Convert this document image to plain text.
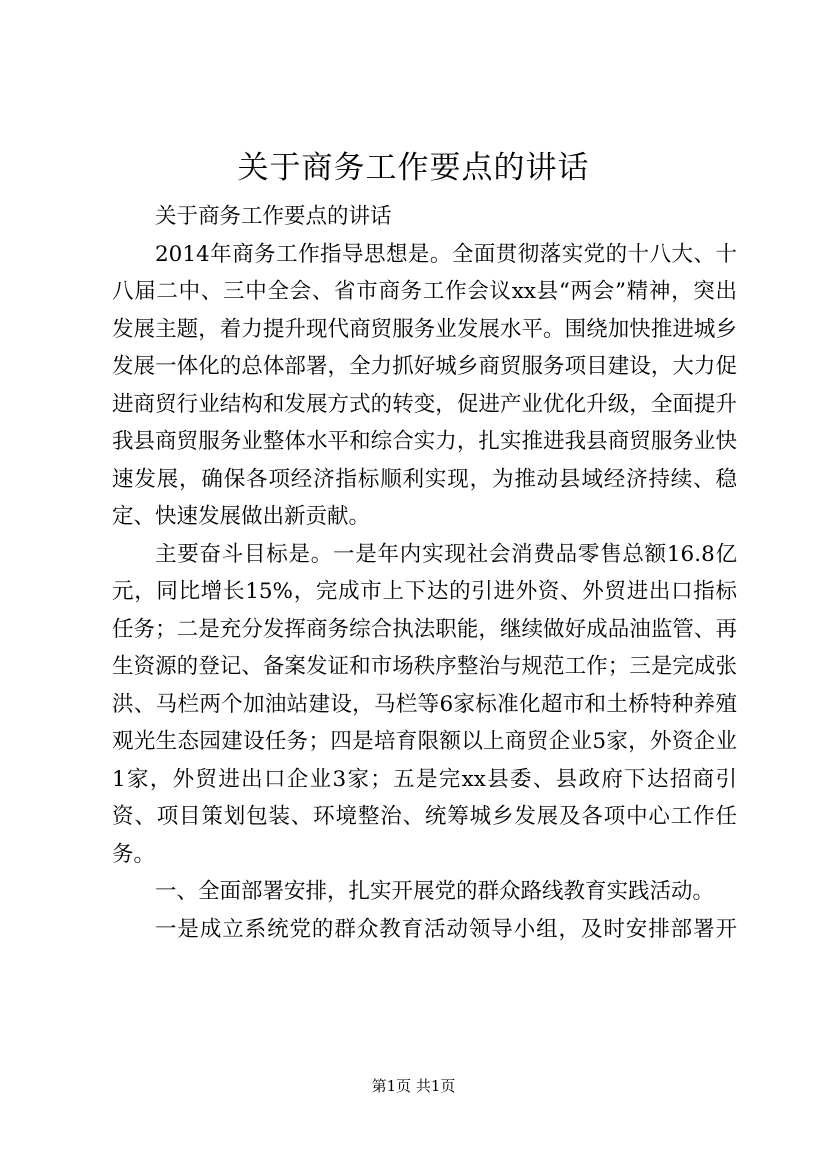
关于商务工作要点的讲话

关于商务工作要点的讲话

2014年商务工作指导思想是。全面贯彻落实党的十八大、十八届二中、三中全会、省市商务工作会议xx县“两会”精神，突出发展主题，着力提升现代商贸服务业发展水平。围绕加快推进城乡发展一体化的总体部署，全力抓好城乡商贸服务项目建设，大力促进商贸行业结构和发展方式的转变，促进产业优化升级，全面提升我县商贸服务业整体水平和综合实力，扎实推进我县商贸服务业快速发展，确保各项经济指标顺利实现，为推动县域经济持续、稳定、快速发展做出新贡献。

主要奋斗目标是。一是年内实现社会消费品零售总额16.8亿元，同比增长15%，完成市上下达的引进外资、外贸进出口指标任务；二是充分发挥商务综合执法职能，继续做好成品油监管、再生资源的登记、备案发证和市场秩序整治与规范工作；三是完成张洪、马栏两个加油站建设，马栏等6家标准化超市和土桥特种养殖观光生态园建设任务；四是培育限额以上商贸企业5家，外资企业1家，外贸进出口企业3家；五是完xx县委、县政府下达招商引资、项目策划包装、环境整治、统筹城乡发展及各项中心工作任务。

一、全面部署安排，扎实开展党的群众路线教育实践活动。

一是成立系统党的群众教育活动领导小组，及时安排部署开

第1页 共1页
